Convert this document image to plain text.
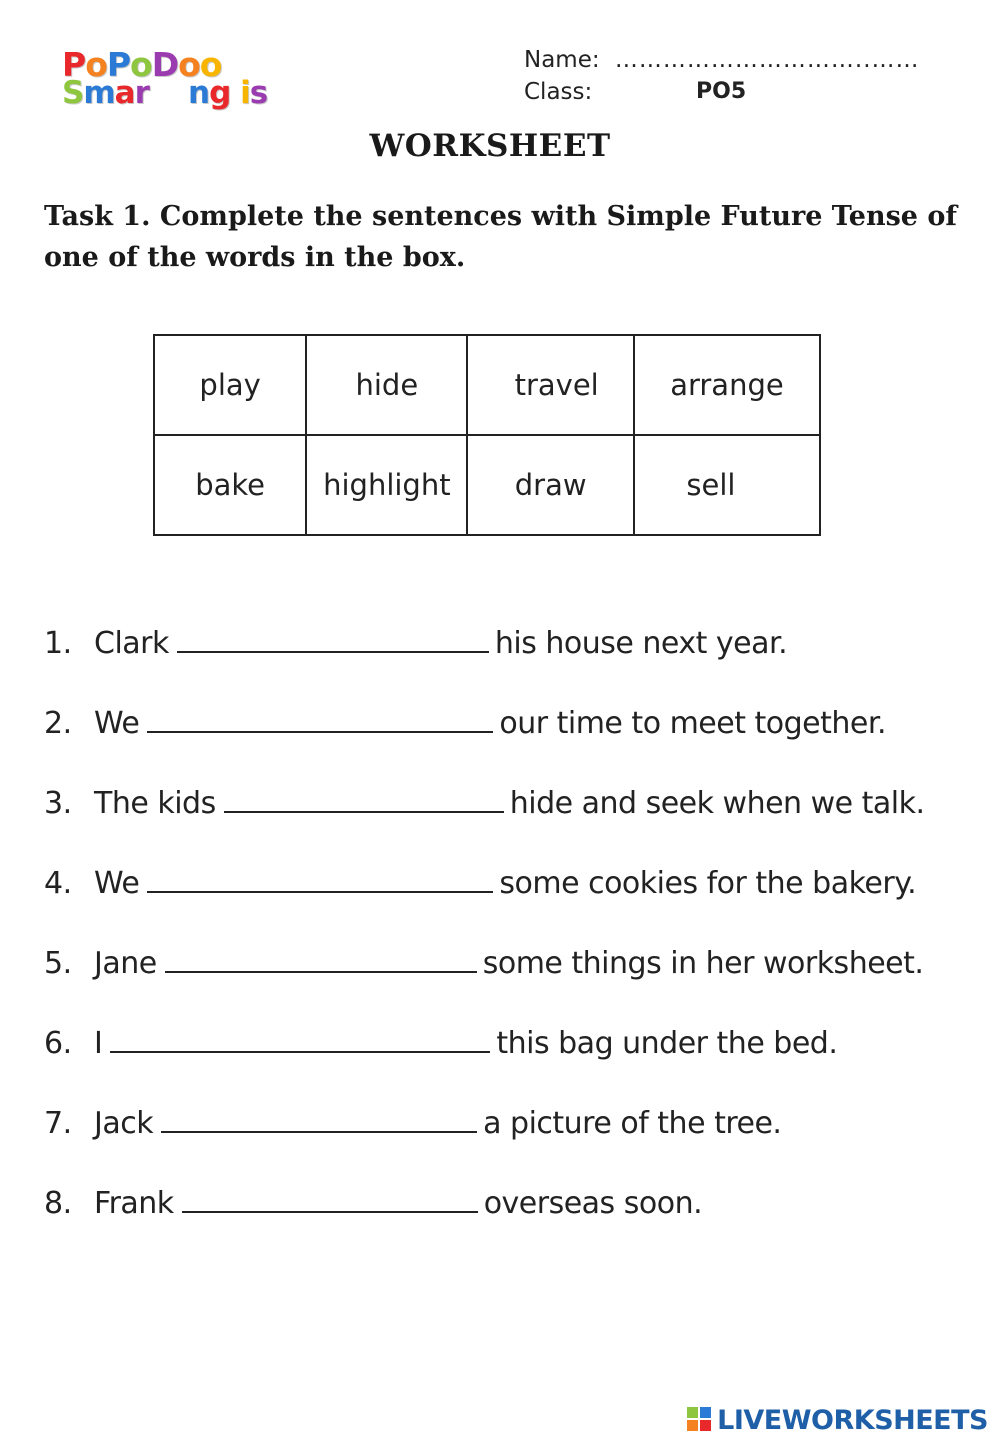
PoPoDoo
Smar ng is
Name: …………………………..……
Class:	PO5
WORKSHEET
Task 1. Complete the sentences with Simple Future Tense of one of the words in the box.
play	hide	travel	arrange
bake	highlight	draw	sell
1. Clark	his house next year.
2. We	our time to meet together.
3. The kids	hide and seek when we talk.
4. We	some cookies for the bakery.
5. Jane	some things in her worksheet.
6. I	this bag under the bed.
7. Jack	a picture of the tree.
8. Frank	overseas soon.
LIVEWORKSHEETS
